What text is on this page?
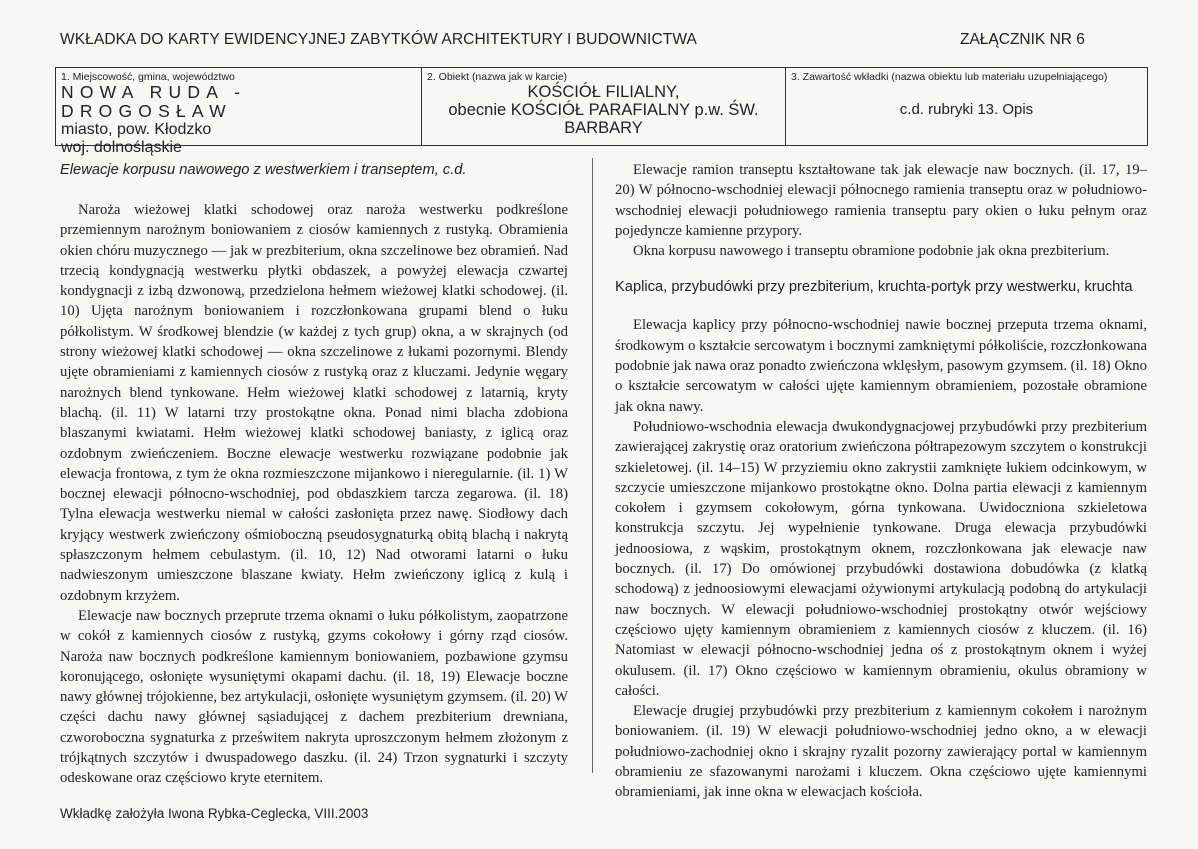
WKŁADKA DO KARTY EWIDENCYJNEJ ZABYTKÓW ARCHITEKTURY I BUDOWNICTWA	ZAŁĄCZNIK NR 6
1. Miejscowość, gmina, województwo
NOWA RUDA - DROGOSŁAW
miasto, pow. Kłodzko
woj. dolnośląskie
2. Obiekt (nazwa jak w karcie)
KOŚCIÓŁ FILIALNY,
obecnie KOŚCIÓŁ PARAFIALNY p.w. ŚW.
BARBARY
3. Zawartość wkładki (nazwa obiektu lub materiału uzupełniającego)
c.d. rubryki 13. Opis
Elewacje korpusu nawowego z westwerkiem i transeptem, c.d.

Naroża wieżowej klatki schodowej oraz naroża westwerku podkreślone przemiennym narożnym boniowaniem z ciosów kamiennych z rustyką. Obramienia okien chóru muzycznego — jak w prezbiterium, okna szczelinowe bez obramień. Nad trzecią kondygnacją westwerku płytki obdaszek, a powyżej elewacja czwartej kondygnacji z izbą dzwonową, przedzielona hełmem wieżowej klatki schodowej. (il. 10) Ujęta narożnym boniowaniem i rozczłonkowana grupami blend o łuku półkolistym. W środkowej blendzie (w każdej z tych grup) okna, a w skrajnych (od strony wieżowej klatki schodowej — okna szczelinowe z łukami pozornymi. Blendy ujęte obramieniami z kamiennych ciosów z rustyką oraz z kluczami. Jedynie węgary narożnych blend tynkowane. Hełm wieżowej klatki schodowej z latarnią, kryty blachą. (il. 11) W latarni trzy prostokątne okna. Ponad nimi blacha zdobiona blaszanymi kwiatami. Hełm wieżowej klatki schodowej baniasty, z iglicą oraz ozdobnym zwieńczeniem. Boczne elewacje westwerku rozwiązane podobnie jak elewacja frontowa, z tym że okna rozmieszczone mijankowo i nieregularnie. (il. 1) W bocznej elewacji północno-wschodniej, pod obdaszkiem tarcza zegarowa. (il. 18) Tylna elewacja westwerku niemal w całości zasłonięta przez nawę. Siodłowy dach kryjący westwerk zwieńczony ośmioboczną pseudosygnaturką obitą blachą i nakrytą spłaszczonym hełmem cebulastym. (il. 10, 12) Nad otworami latarni o łuku nadwieszonym umieszczone blaszane kwiaty. Hełm zwieńczony iglicą z kulą i ozdobnym krzyżem.

Elewacje naw bocznych przeprute trzema oknami o łuku półkolistym, zaopatrzone w cokół z kamiennych ciosów z rustyką, gzyms cokołowy i górny rząd ciosów. Naroża naw bocznych podkreślone kamiennym boniowaniem, pozbawione gzymsu koronującego, osłonięte wysuniętymi okapami dachu. (il. 18, 19) Elewacje boczne nawy głównej trójokienne, bez artykulacji, osłonięte wysuniętym gzymsem. (il. 20) W części dachu nawy głównej sąsiadującej z dachem prezbiterium drewniana, czworoboczna sygnaturka z prześwitem nakryta uproszczonym hełmem złożonym z trójkątnych szczytów i dwuspadowego daszku. (il. 24) Trzon sygnaturki i szczyty odeskowane oraz częściowo kryte eternitem.

Elewacje ramion transeptu kształtowane tak jak elewacje naw bocznych. (il. 17, 19–20) W północno-wschodniej elewacji północnego ramienia transeptu oraz w południowo-wschodniej elewacji południowego ramienia transeptu pary okien o łuku pełnym oraz pojedyncze kamienne przypory.

Okna korpusu nawowego i transeptu obramione podobnie jak okna prezbiterium.

Kaplica, przybudówki przy prezbiterium, kruchta-portyk przy westwerku, kruchta

Elewacja kaplicy przy północno-wschodniej nawie bocznej przeputa trzema oknami, środkowym o kształcie sercowatym i bocznymi zamkniętymi półkoliście, rozczłonkowana podobnie jak nawa oraz ponadto zwieńczona wklęsłym, pasowym gzymsem. (il. 18) Okno o kształcie sercowatym w całości ujęte kamiennym obramieniem, pozostałe obramione jak okna nawy.

Południowo-wschodnia elewacja dwukondygnacjowej przybudówki przy prezbiterium zawierającej zakrystię oraz oratorium zwieńczona półtrapezowym szczytem o konstrukcji szkieletowej. (il. 14–15) W przyziemiu okno zakrystii zamknięte łukiem odcinkowym, w szczycie umieszczone mijankowo prostokątne okno. Dolna partia elewacji z kamiennym cokołem i gzymsem cokołowym, górna tynkowana. Uwidoczniona szkieletowa konstrukcja szczytu. Jej wypełnienie tynkowane. Druga elewacja przybudówki jednoosiowa, z wąskim, prostokątnym oknem, rozczłonkowana jak elewacje naw bocznych. (il. 17) Do omówionej przybudówki dostawiona dobudówka (z klatką schodową) z jednoosiowymi elewacjami ożywionymi artykulacją podobną do artykulacji naw bocznych. W elewacji południowo-wschodniej prostokątny otwór wejściowy częściowo ujęty kamiennym obramieniem z kamiennych ciosów z kluczem. (il. 16) Natomiast w elewacji północno-wschodniej jedna oś z prostokątnym oknem i wyżej okulusem. (il. 17) Okno częściowo w kamiennym obramieniu, okulus obramiony w całości.

Elewacje drugiej przybudówki przy prezbiterium z kamiennym cokołem i narożnym boniowaniem. (il. 19) W elewacji południowo-wschodniej jedno okno, a w elewacji południowo-zachodniej okno i skrajny ryzalit pozorny zawierający portal w kamiennym obramieniu ze sfazowanymi narożami i kluczem. Okna częściowo ujęte kamiennymi obramieniami, jak inne okna w elewacjach kościoła.

Wkładkę założyła Iwona Rybka-Ceglecka, VIII.2003
